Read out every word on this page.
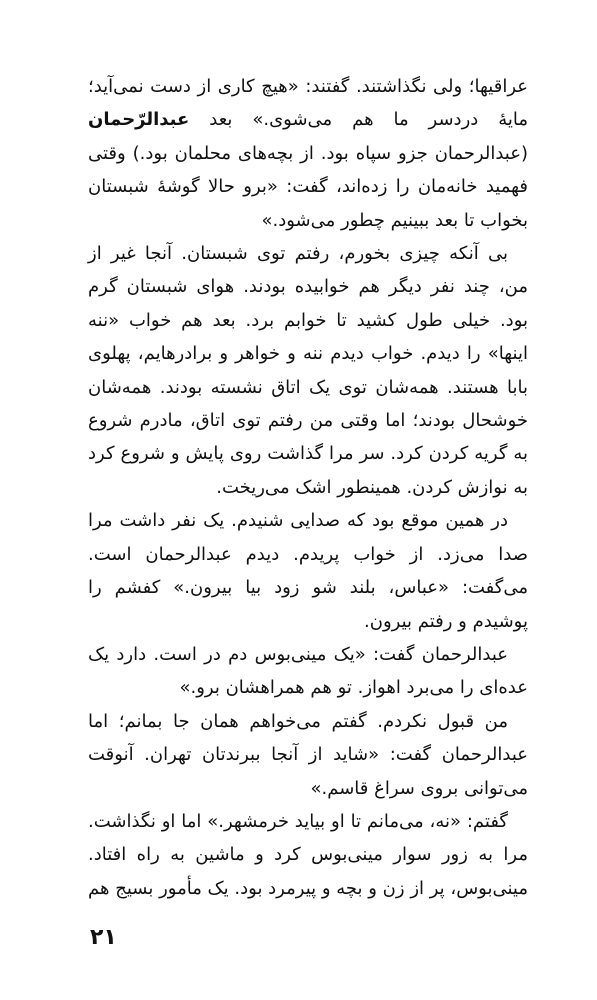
عراقیها؛ ولی نگذاشتند. گفتند: «هیچ کاری از دست نمی‌آید؛ مایهٔ دردسر ما هم می‌شوی.» بعد عبدالرّحمان (عبدالرحمان جزو سپاه بود. از بچه‌های محلمان بود.) وقتی فهمید خانه‌مان را زده‌اند، گفت: «برو حالا گوشهٔ شبستان بخواب تا بعد ببینیم چطور می‌شود.»

بی آنکه چیزی بخورم، رفتم توی شبستان. آنجا غیر از من، چند نفر دیگر هم خوابیده بودند. هوای شبستان گرم بود. خیلی طول کشید تا خوابم برد. بعد هم خواب «ننه اینها» را دیدم. خواب دیدم ننه و خواهر و برادرهایم، پهلوی بابا هستند. همه‌شان توی یک اتاق نشسته بودند. همه‌شان خوشحال بودند؛ اما وقتی من رفتم توی اتاق، مادرم شروع به گریه کردن کرد. سر مرا گذاشت روی پایش و شروع کرد به نوازش کردن. همینطور اشک می‌ریخت.

در همین موقع بود که صدایی شنیدم. یک نفر داشت مرا صدا می‌زد. از خواب پریدم. دیدم عبدالرحمان است. می‌گفت: «عباس، بلند شو زود بیا بیرون.» کفشم را پوشیدم و رفتم بیرون.

عبدالرحمان گفت: «یک مینی‌بوس دم در است. دارد یک عده‌ای را می‌برد اهواز. تو هم همراهشان برو.»

من قبول نکردم. گفتم می‌خواهم همان جا بمانم؛ اما عبدالرحمان گفت: «شاید از آنجا ببرندتان تهران. آنوقت می‌توانی بروی سراغ قاسم.»

گفتم: «نه، می‌مانم تا او بیاید خرمشهر.» اما او نگذاشت. مرا به زور سوار مینی‌بوس کرد و ماشین به راه افتاد. مینی‌بوس، پر از زن و بچه و پیرمرد بود. یک مأمور بسیج هم

۲۱
